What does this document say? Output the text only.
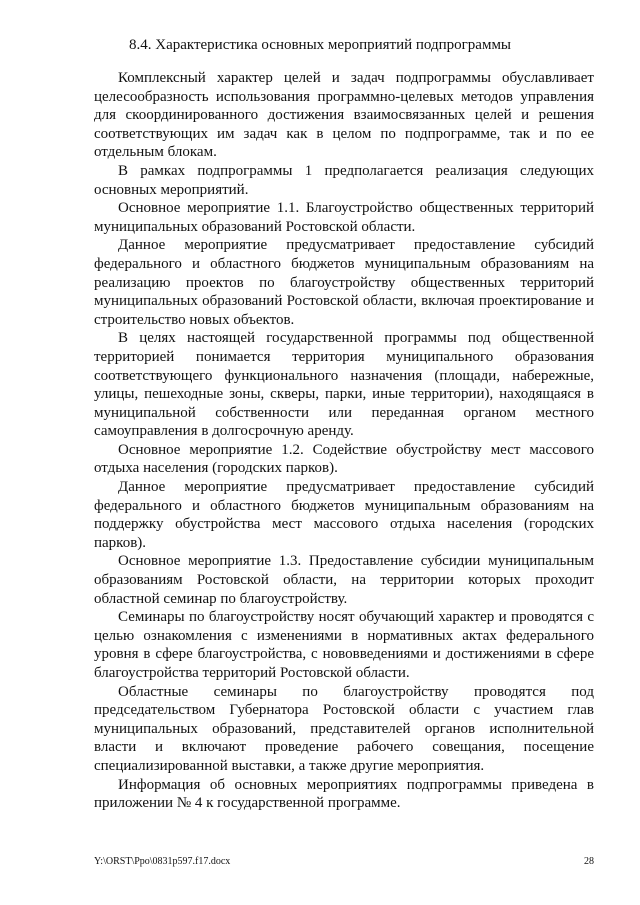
8.4. Характеристика основных мероприятий подпрограммы

Комплексный характер целей и задач подпрограммы обуславливает целесообразность использования программно-целевых методов управления для скоординированного достижения взаимосвязанных целей и решения соответствующих им задач как в целом по подпрограмме, так и по ее отдельным блокам.

В рамках подпрограммы 1 предполагается реализация следующих основных мероприятий.

Основное мероприятие 1.1. Благоустройство общественных территорий муниципальных образований Ростовской области.

Данное мероприятие предусматривает предоставление субсидий федерального и областного бюджетов муниципальным образованиям на реализацию проектов по благоустройству общественных территорий муниципальных образований Ростовской области, включая проектирование и строительство новых объектов.

В целях настоящей государственной программы под общественной территорией понимается территория муниципального образования соответствующего функционального назначения (площади, набережные, улицы, пешеходные зоны, скверы, парки, иные территории), находящаяся в муниципальной собственности или переданная органом местного самоуправления в долгосрочную аренду.

Основное мероприятие 1.2. Содействие обустройству мест массового отдыха населения (городских парков).

Данное мероприятие предусматривает предоставление субсидий федерального и областного бюджетов муниципальным образованиям на поддержку обустройства мест массового отдыха населения (городских парков).

Основное мероприятие 1.3. Предоставление субсидии муниципальным образованиям Ростовской области, на территории которых проходит областной семинар по благоустройству.

Семинары по благоустройству носят обучающий характер и проводятся с целью ознакомления с изменениями в нормативных актах федерального уровня в сфере благоустройства, с нововведениями и достижениями в сфере благоустройства территорий Ростовской области.

Областные семинары по благоустройству проводятся под председательством Губернатора Ростовской области с участием глав муниципальных образований, представителей органов исполнительной власти и включают проведение рабочего совещания, посещение специализированной выставки, а также другие мероприятия.

Информация об основных мероприятиях подпрограммы приведена в приложении № 4 к государственной программе.

Y:\ORST\Ppo\0831p597.f17.docx	28
